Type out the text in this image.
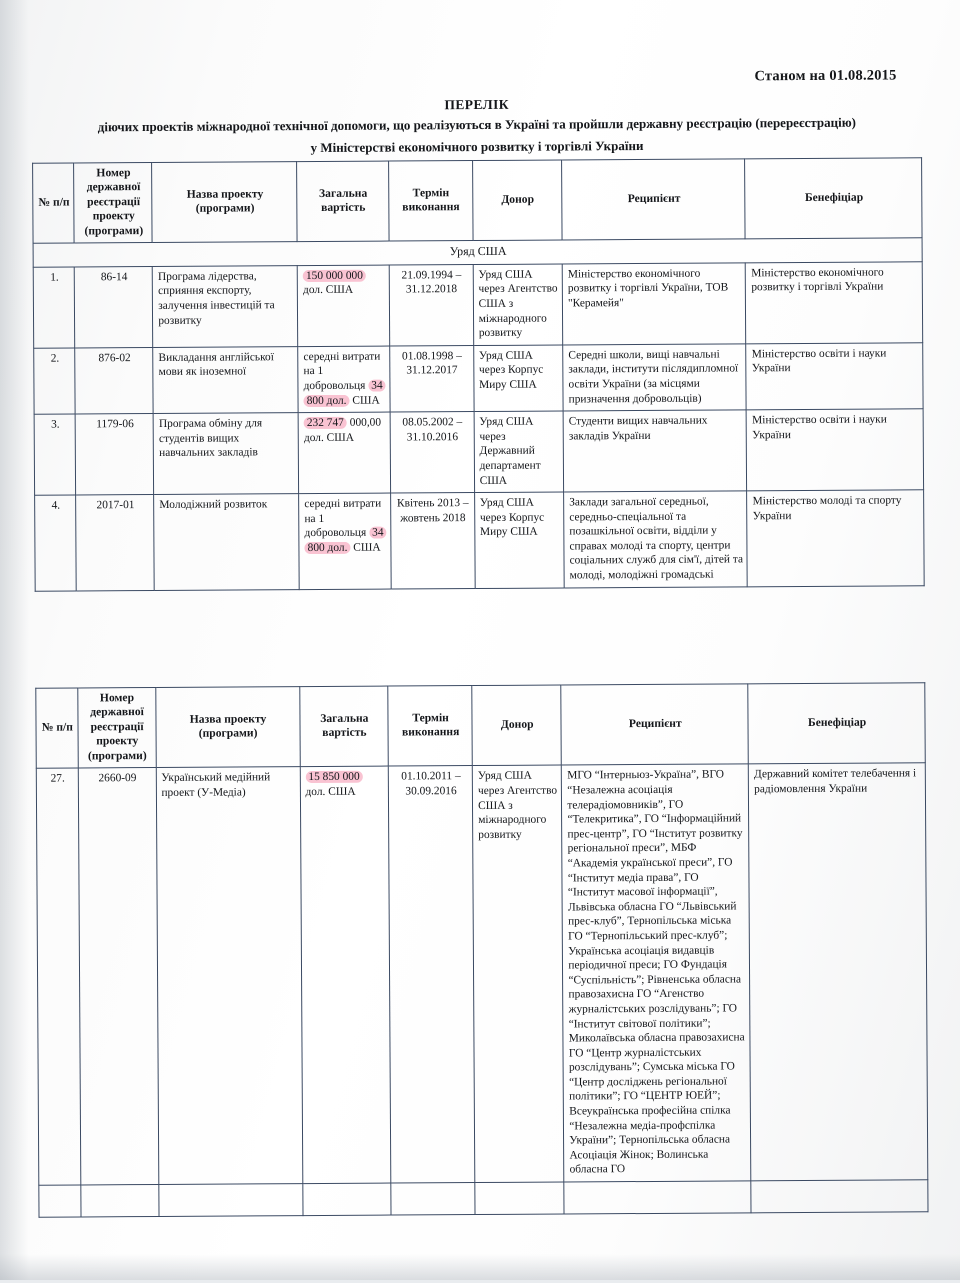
Станом на 01.08.2015
ПЕРЕЛІК
діючих проектів міжнародної технічної допомоги, що реалізуються в Україні та пройшли державну реєстрацію (перереєстрацію)
у Міністерстві економічного розвитку і торгівлі України
№ п/п	Номер державної реєстрації проекту (програми)	Назва проекту (програми)	Загальна вартість	Термін виконання	Донор	Реципієнт	Бенефіціар
Уряд США							
1.	86-14	Програма лідерства, сприяння експорту, залучення інвестицій та розвитку	150 000 000 дол. США	21.09.1994 – 31.12.2018	Уряд США через Агентство США з міжнародного розвитку	Міністерство економічного розвитку і торгівлі України, ТОВ "Керамейя"	Міністерство економічного розвитку і торгівлі України
2.	876-02	Викладання англійської мови як іноземної	середні витрати на 1 добровольця 34 800 дол. США	01.08.1998 – 31.12.2017	Уряд США через Корпус Миру США	Середні школи, вищі навчальні заклади, інститути післядипломної освіти України (за місцями призначення добровольців)	Міністерство освіти і науки України
3.	1179-06	Програма обміну для студентів вищих навчальних закладів	232 747 000,00 дол. США	08.05.2002 – 31.10.2016	Уряд США через Державний департамент США	Студенти вищих навчальних закладів України	Міністерство освіти і науки України
4.	2017-01	Молодіжний розвиток	середні витрати на 1 добровольця 34 800 дол. США	Квітень 2013 – жовтень 2018	Уряд США через Корпус Миру США	Заклади загальної середньої, середньо-спеціальної та позашкільної освіти, відділи у справах молоді та спорту, центри соціальних служб для сім'ї, дітей та молоді, молодіжні громадські	Міністерство молоді та спорту України
№ п/п	Номер державної реєстрації проекту (програми)	Назва проекту (програми)	Загальна вартість	Термін виконання	Донор	Реципієнт	Бенефіціар
27.	2660-09	Український медійний проект (У-Медіа)	15 850 000 дол. США	01.10.2011 – 30.09.2016	Уряд США через Агентство США з міжнародного розвитку	МГО “Інтерньюз-Україна”, ВГО “Незалежна асоціація телерадіомовників”, ГО “Телекритика”, ГО “Інформаційний прес-центр”, ГО “Інститут розвитку регіональної преси”, МБФ “Академія української преси”, ГО “Інститут медіа права”, ГО “Інститут масової інформації”, Львівська обласна ГО “Львівський прес-клуб”, Тернопільська міська ГО “Тернопільський прес-клуб”; Українська асоціація видавців періодичної преси; ГО Фундація “Суспільність”; Рівненська обласна правозахисна ГО “Агенство журналістських розслідувань”; ГО “Інститут світової політики”; Миколаївська обласна правозахисна ГО “Центр журналістських розслідувань”; Сумська міська ГО “Центр досліджень регіональної політики”; ГО “ЦЕНТР ЮЕЙ”; Всеукраїнська професійна спілка “Незалежна медіа-профспілка України”; Тернопільська обласна Асоціація Жінок; Волинська обласна ГО	Державний комітет телебачення і радіомовлення України
